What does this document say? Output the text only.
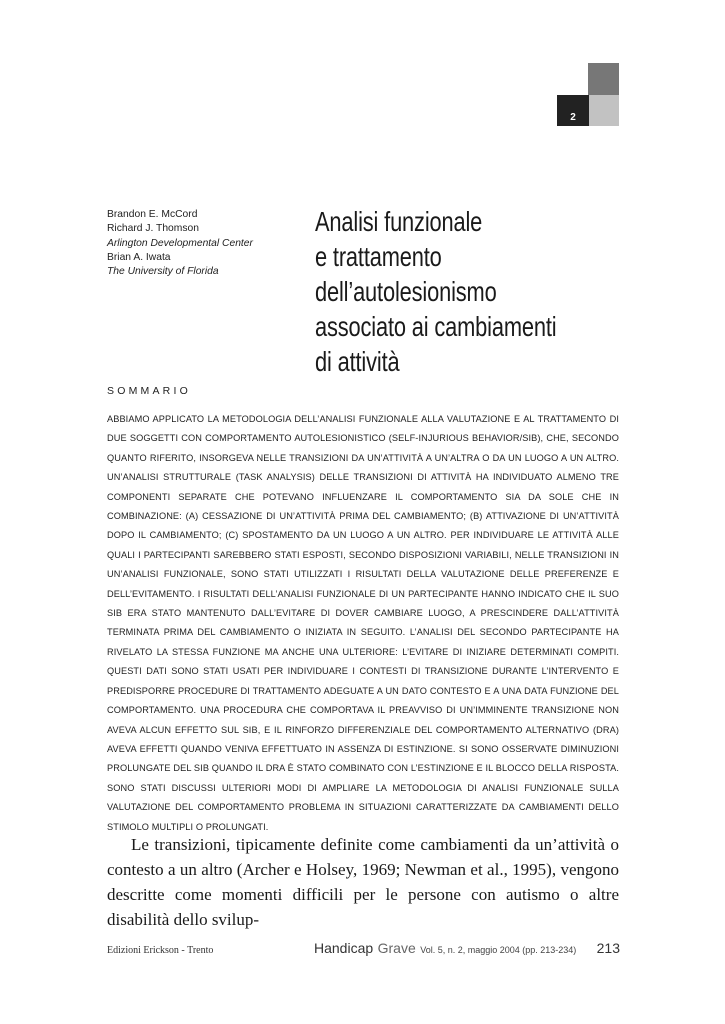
2
Brandon E. McCord
Richard J. Thomson
Arlington Developmental Center
Brian A. Iwata
The University of Florida
Analisi funzionale
e trattamento
dell’autolesionismo
associato ai cambiamenti
di attività
SOMMARIO
ABBIAMO APPLICATO LA METODOLOGIA DELL’ANALISI FUNZIONALE ALLA VALUTAZIONE E AL TRATTAMENTO DI DUE SOGGETTI CON COMPORTAMENTO AUTOLESIONISTICO (SELF-INJURIOUS BEHAVIOR/SIB), CHE, SECONDO QUANTO RIFERITO, INSORGEVA NELLE TRANSIZIONI DA UN’ATTIVITÀ A UN’ALTRA O DA UN LUOGO A UN ALTRO. UN’ANALISI STRUTTURALE (TASK ANALYSIS) DELLE TRANSIZIONI DI ATTIVITÀ HA INDIVIDUATO ALMENO TRE COMPONENTI SEPARATE CHE POTEVANO INFLUENZARE IL COMPORTAMENTO SIA DA SOLE CHE IN COMBINAZIONE: (A) CESSAZIONE DI UN’ATTIVITÀ PRIMA DEL CAMBIAMENTO; (B) ATTIVAZIONE DI UN’ATTIVITÀ DOPO IL CAMBIAMENTO; (C) SPOSTAMENTO DA UN LUOGO A UN ALTRO. PER INDIVIDUARE LE ATTIVITÀ ALLE QUALI I PARTECIPANTI SAREBBERO STATI ESPOSTI, SECONDO DISPOSIZIONI VARIABILI, NELLE TRANSIZIONI IN UN’ANALISI FUNZIONALE, SONO STATI UTILIZZATI I RISULTATI DELLA VALUTAZIONE DELLE PREFERENZE E DELL’EVITAMENTO. I RISULTATI DELL’ANALISI FUNZIONALE DI UN PARTECIPANTE HANNO INDICATO CHE IL SUO SIB ERA STATO MANTENUTO DALL’EVITARE DI DOVER CAMBIARE LUOGO, A PRESCINDERE DALL’ATTIVITÀ TERMINATA PRIMA DEL CAMBIAMENTO O INIZIATA IN SEGUITO. L’ANALISI DEL SECONDO PARTECIPANTE HA RIVELATO LA STESSA FUNZIONE MA ANCHE UNA ULTERIORE: L’EVITARE DI INIZIARE DETERMINATI COMPITI. QUESTI DATI SONO STATI USATI PER INDIVIDUARE I CONTESTI DI TRANSIZIONE DURANTE L’INTERVENTO E PREDISPORRE PROCEDURE DI TRATTAMENTO ADEGUATE A UN DATO CONTESTO E A UNA DATA FUNZIONE DEL COMPORTAMENTO. UNA PROCEDURA CHE COMPORTAVA IL PREAVVISO DI UN’IMMINENTE TRANSIZIONE NON AVEVA ALCUN EFFETTO SUL SIB, E IL RINFORZO DIFFERENZIALE DEL COMPORTAMENTO ALTERNATIVO (DRA) AVEVA EFFETTI QUANDO VENIVA EFFETTUATO IN ASSENZA DI ESTINZIONE. SI SONO OSSERVATE DIMINUZIONI PROLUNGATE DEL SIB QUANDO IL DRA È STATO COMBINATO CON L’ESTINZIONE E IL BLOCCO DELLA RISPOSTA. SONO STATI DISCUSSI ULTERIORI MODI DI AMPLIARE LA METODOLOGIA DI ANALISI FUNZIONALE SULLA VALUTAZIONE DEL COMPORTAMENTO PROBLEMA IN SITUAZIONI CARATTERIZZATE DA CAMBIAMENTI DELLO STIMOLO MULTIPLI O PROLUNGATI.
Le transizioni, tipicamente definite come cambiamenti da un’attività o contesto a un altro (Archer e Holsey, 1969; Newman et al., 1995), vengono descritte come momenti difficili per le persone con autismo o altre disabilità dello svilup-
Edizioni Erickson - Trento	Handicap Grave Vol. 5, n. 2, maggio 2004 (pp. 213-234)	213
